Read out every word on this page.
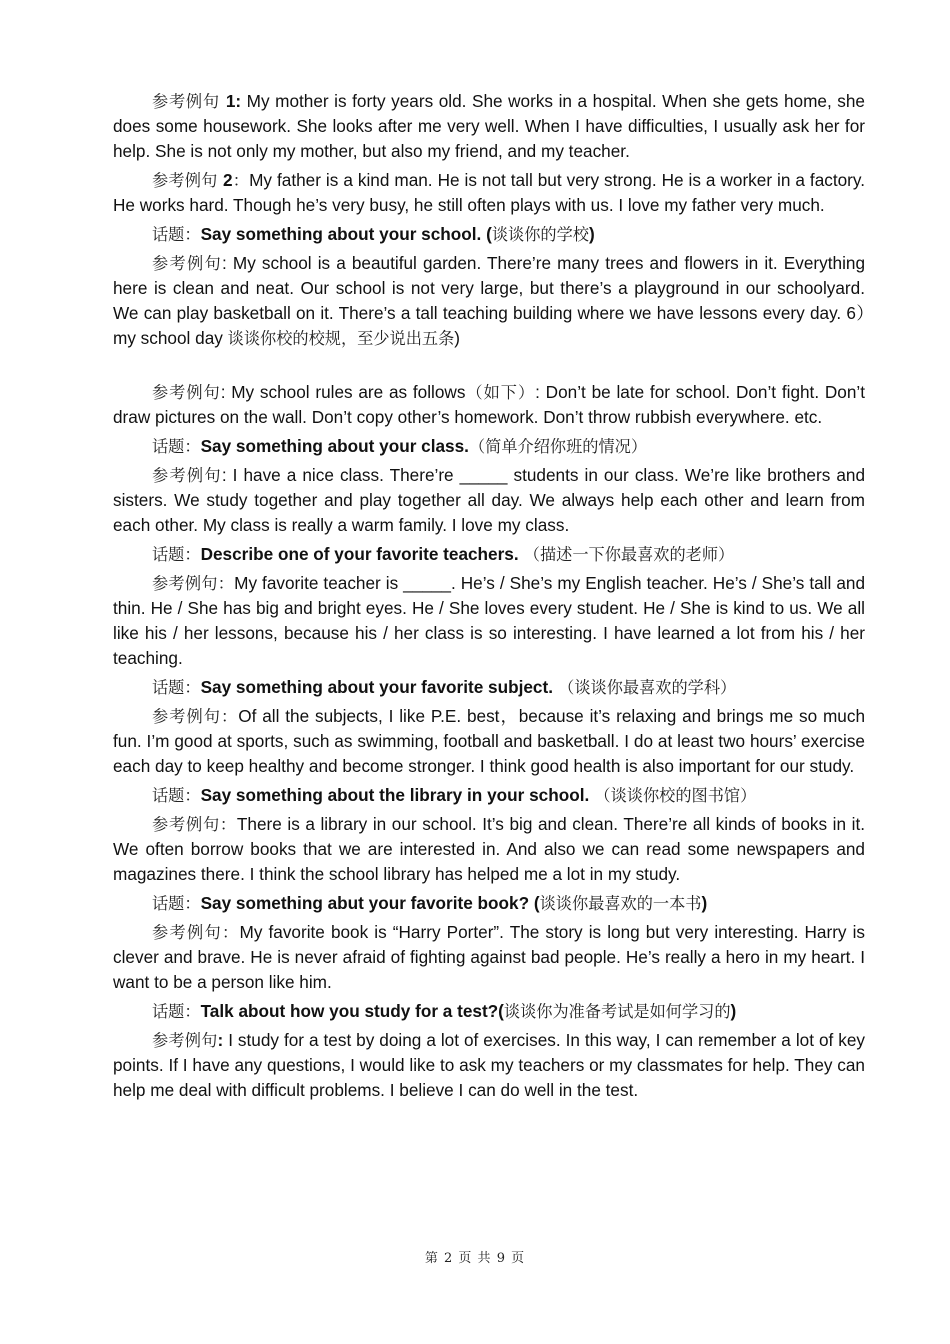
参考例句 1: My mother is forty years old. She works in a hospital. When she gets home, she does some housework. She looks after me very well. When I have difficulties, I usually ask her for help. She is not only my mother, but also my friend, and my teacher.

参考例句 2：My father is a kind man. He is not tall but very strong. He is a worker in a factory. He works hard. Though he’s very busy, he still often plays with us. I love my father very much.

话题：Say something about your school. (谈谈你的学校)

参考例句: My school is a beautiful garden. There’re many trees and flowers in it. Everything here is clean and neat. Our school is not very large, but there’s a playground in our schoolyard. We can play basketball on it. There’s a tall teaching building where we have lessons every day. 6）my school day 谈谈你校的校规，至少说出五条)

参考例句: My school rules are as follows（如下）: Don’t be late for school. Don’t fight. Don’t draw pictures on the wall. Don’t copy other’s homework. Don’t throw rubbish everywhere. etc.

话题：Say something about your class.（简单介绍你班的情况）

参考例句: I have a nice class. There’re _____ students in our class. We’re like brothers and sisters. We study together and play together all day. We always help each other and learn from each other. My class is really a warm family. I love my class.

话题：Describe one of your favorite teachers. （描述一下你最喜欢的老师）

参考例句：My favorite teacher is _____. He’s / She’s my English teacher. He’s / She’s tall and thin. He / She has big and bright eyes. He / She loves every student. He / She is kind to us. We all like his / her lessons, because his / her class is so interesting. I have learned a lot from his / her teaching.

话题：Say something about your favorite subject. （谈谈你最喜欢的学科）

参考例句：Of all the subjects, I like P.E. best，because it’s relaxing and brings me so much fun. I’m good at sports, such as swimming, football and basketball. I do at least two hours’ exercise each day to keep healthy and become stronger. I think good health is also important for our study.

话题：Say something about the library in your school. （谈谈你校的图书馆）

参考例句：There is a library in our school. It’s big and clean. There’re all kinds of books in it. We often borrow books that we are interested in. And also we can read some newspapers and magazines there. I think the school library has helped me a lot in my study.

话题：Say something abut your favorite book? (谈谈你最喜欢的一本书)

参考例句：My favorite book is “Harry Porter”. The story is long but very interesting. Harry is clever and brave. He is never afraid of fighting against bad people. He’s really a hero in my heart. I want to be a person like him.

话题：Talk about how you study for a test?(谈谈你为准备考试是如何学习的)

参考例句: I study for a test by doing a lot of exercises. In this way, I can remember a lot of key points. If I have any questions, I would like to ask my teachers or my classmates for help. They can help me deal with difficult problems. I believe I can do well in the test.

第 2 页 共 9 页
